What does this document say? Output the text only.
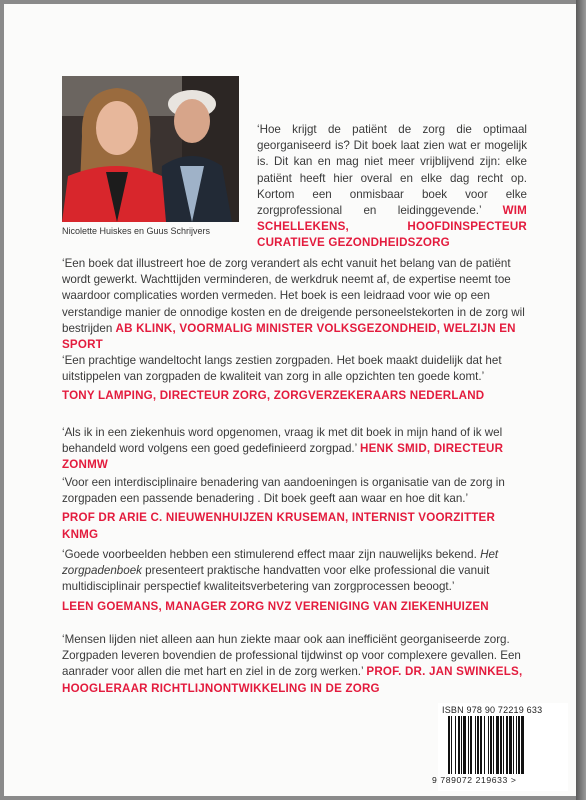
Nicolette Huiskes en Guus Schrijvers
‘Hoe krijgt de patiënt de zorg die optimaal georganiseerd is? Dit boek laat zien wat er mogelijk is. Dit kan en mag niet meer vrijblijvend zijn: elke patiënt heeft hier overal en elke dag recht op. Kortom een onmisbaar boek voor elke zorgprofessional en leidinggevende.’ WIM SCHELLEKENS, HOOFDINSPECTEUR CURATIEVE GEZONDHEIDSZORG
‘Een boek dat illustreert hoe de zorg verandert als echt vanuit het belang van de patiënt wordt gewerkt. Wachttijden verminderen, de werkdruk neemt af, de expertise neemt toe waardoor complicaties worden vermeden. Het boek is een leidraad voor wie op een verstandige manier de onnodige kosten en de dreigende personeelstekorten in de zorg wil bestrijden AB KLINK, VOORMALIG MINISTER VOLKSGEZONDHEID, WELZIJN EN SPORT
‘Een prachtige wandeltocht langs zestien zorgpaden. Het boek maakt duidelijk dat het uitstippelen van zorgpaden de kwaliteit van zorg in alle opzichten ten goede komt.’
TONY LAMPING, DIRECTEUR ZORG, ZORGVERZEKERAARS NEDERLAND
‘Als ik in een ziekenhuis word opgenomen, vraag ik met dit boek in mijn hand of ik wel behandeld word volgens een goed gedefinieerd zorgpad.’ HENK SMID, DIRECTEUR ZONMW
‘Voor een interdisciplinaire benadering van aandoeningen is organisatie van de zorg in zorgpaden een passende benadering . Dit boek geeft aan waar en hoe dit kan.’
PROF DR ARIE C. NIEUWENHUIJZEN KRUSEMAN, INTERNIST VOORZITTER KNMG
‘Goede voorbeelden hebben een stimulerend effect maar zijn nauwelijks bekend. Het zorgpadenboek presenteert praktische handvatten voor elke professional die vanuit multidisciplinair perspectief kwaliteitsverbetering van zorgprocessen beoogt.’
LEEN GOEMANS, MANAGER ZORG NVZ VERENIGING VAN ZIEKENHUIZEN
‘Mensen lijden niet alleen aan hun ziekte maar ook aan inefficiënt georganiseerde zorg. Zorgpaden leveren bovendien de professional tijdwinst op voor complexere gevallen. Een aanrader voor allen die met hart en ziel in de zorg werken.’ PROF. DR. JAN SWINKELS, HOOGLERAAR RICHTLIJNONTWIKKELING IN DE ZORG
ISBN 978 90 72219 633
9 789072 219633 >
